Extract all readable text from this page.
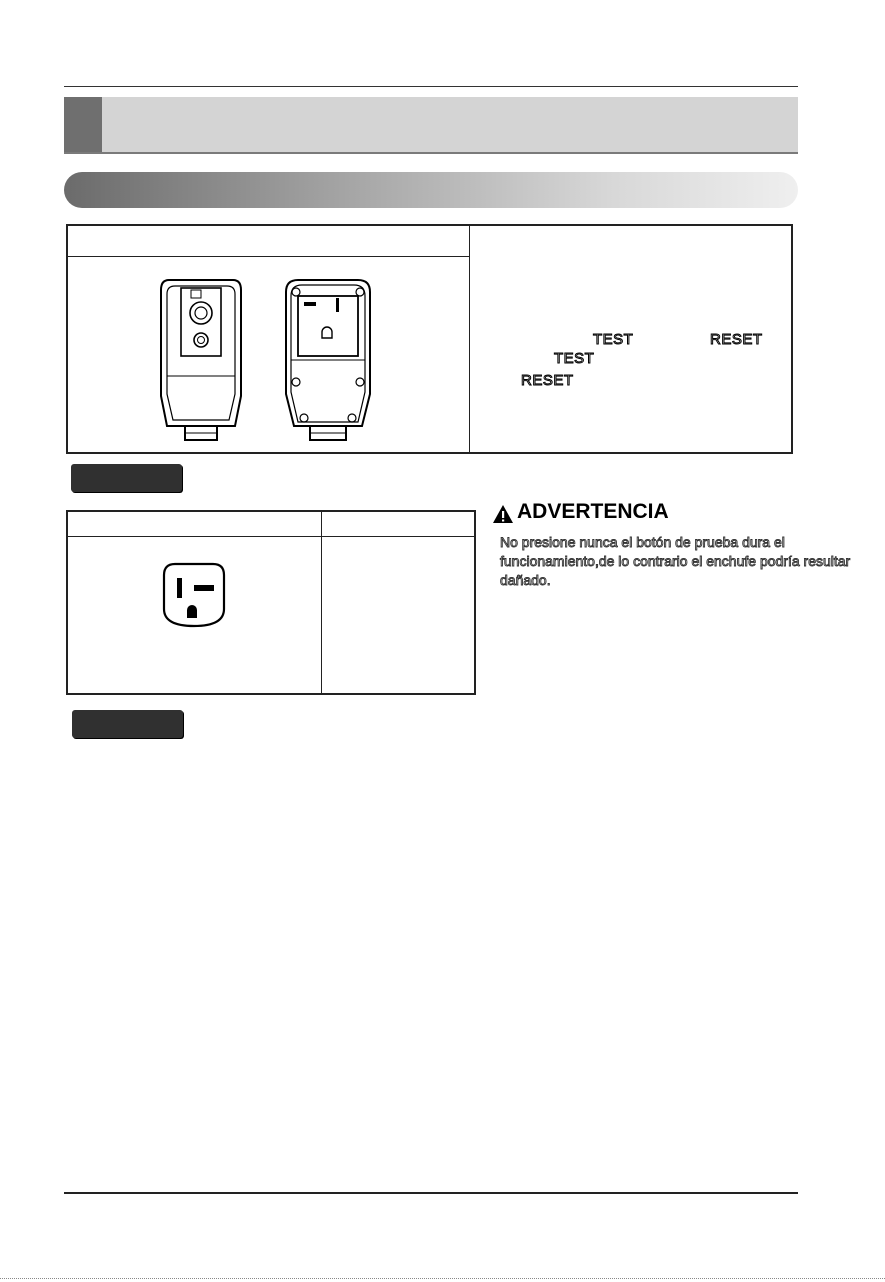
TEST	RESET
TEST
RESET
ADVERTENCIA
No presione nunca el botón de prueba dura el funcionamiento,de lo contrario el enchufe podría resultar dañado.
